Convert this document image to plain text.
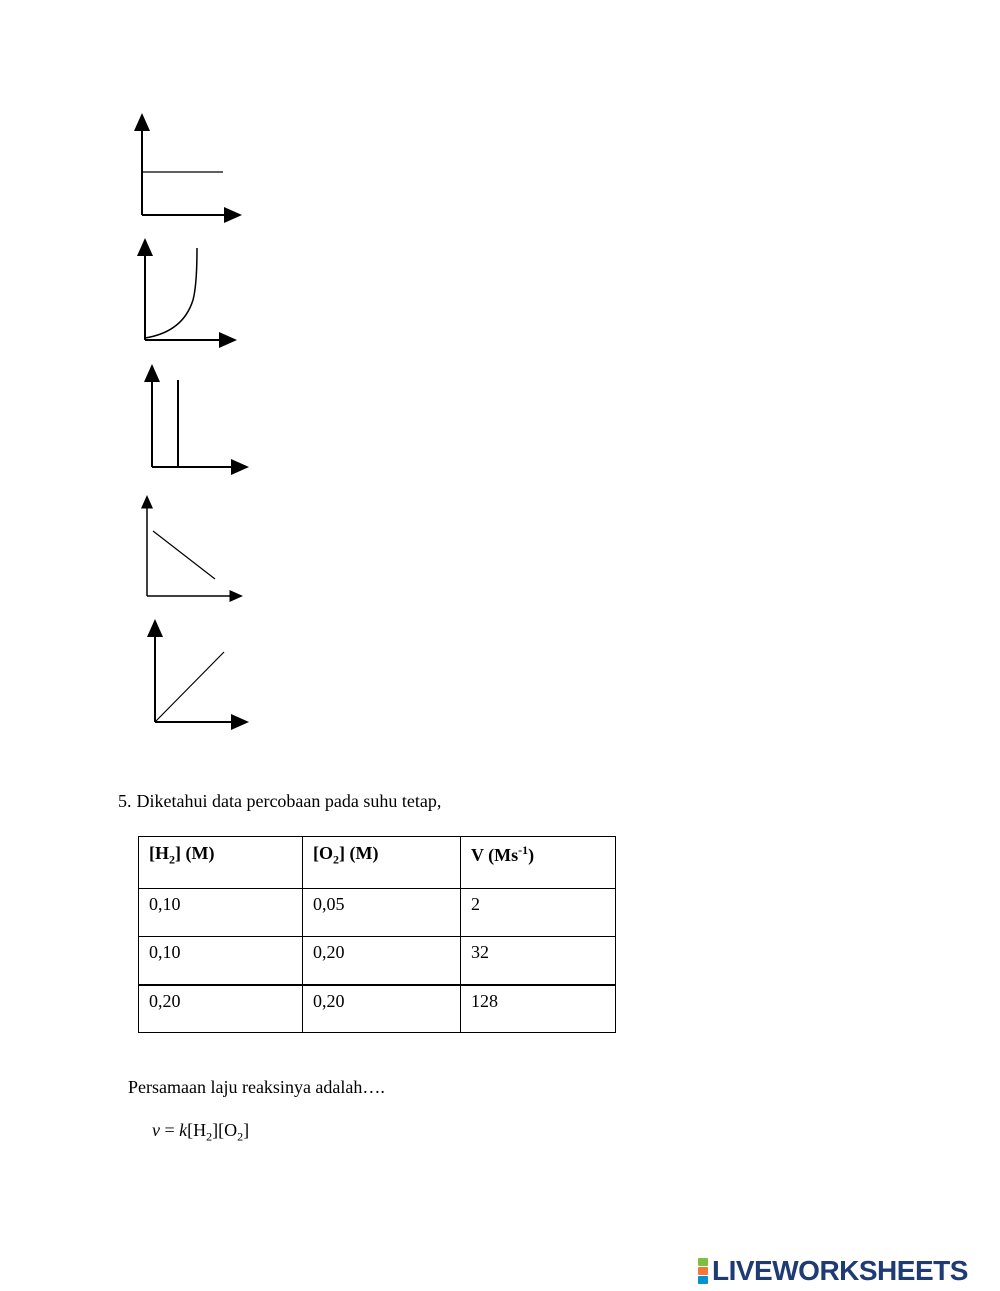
5. Diketahui data percobaan pada suhu tetap,
$[H_2]$ (M)	$[O_2]$ (M)	V $(Ms^{-1})$
0,10	0,05	2
0,10	0,20	32
0,20	0,20	128
Persamaan laju reaksinya adalah….
$v = k[H_2][O_2]$
LIVEWORKSHEETS
